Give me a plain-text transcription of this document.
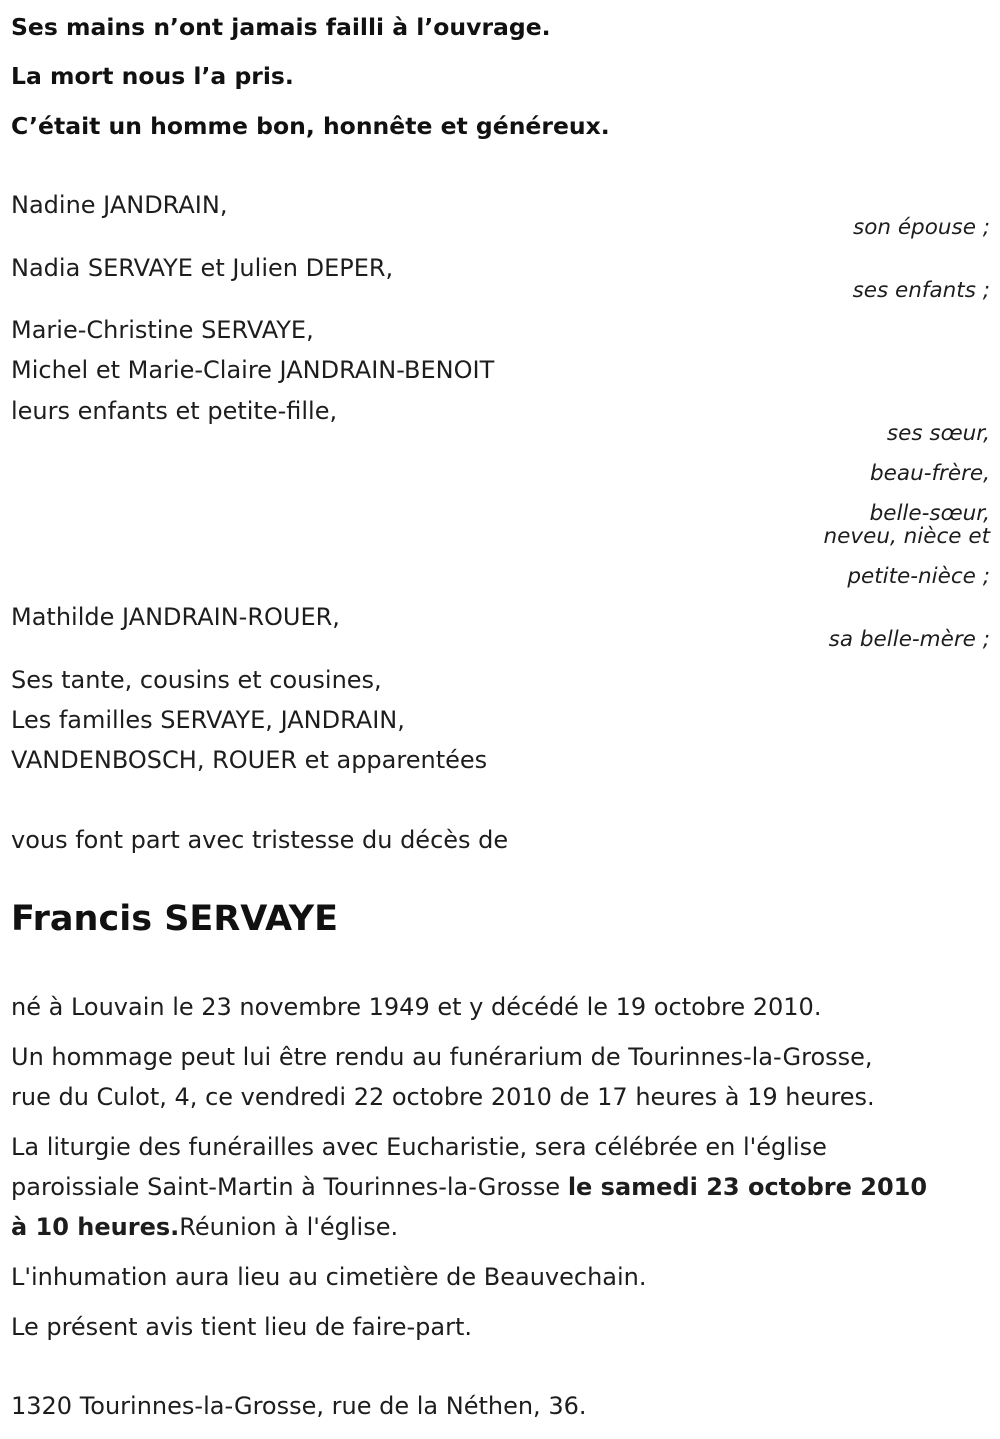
Ses mains n’ont jamais failli à l’ouvrage.

La mort nous l’a pris.

C’était un homme bon, honnête et généreux.

Nadine JANDRAIN,

son épouse ;

Nadia SERVAYE et Julien DEPER,

ses enfants ;

Marie-Christine SERVAYE,

Michel et Marie-Claire JANDRAIN-BENOIT

leurs enfants et petite-fille,

ses sœur,

beau-frère,

belle-sœur,

neveu, nièce et

petite-nièce ;

Mathilde JANDRAIN-ROUER,

sa belle-mère ;

Ses tante, cousins et cousines,

Les familles SERVAYE, JANDRAIN,

VANDENBOSCH, ROUER et apparentées

vous font part avec tristesse du décès de

Francis SERVAYE

né à Louvain le 23 novembre 1949 et y décédé le 19 octobre 2010.

Un hommage peut lui être rendu au funérarium de Tourinnes-la-Grosse,

rue du Culot, 4, ce vendredi 22 octobre 2010 de 17 heures à 19 heures.

La liturgie des funérailles avec Eucharistie, sera célébrée en l'église

paroissiale Saint-Martin à Tourinnes-la-Grosse le samedi 23 octobre 2010

à 10 heures.Réunion à l'église.

L'inhumation aura lieu au cimetière de Beauvechain.

Le présent avis tient lieu de faire-part.

1320 Tourinnes-la-Grosse, rue de la Néthen, 36.
